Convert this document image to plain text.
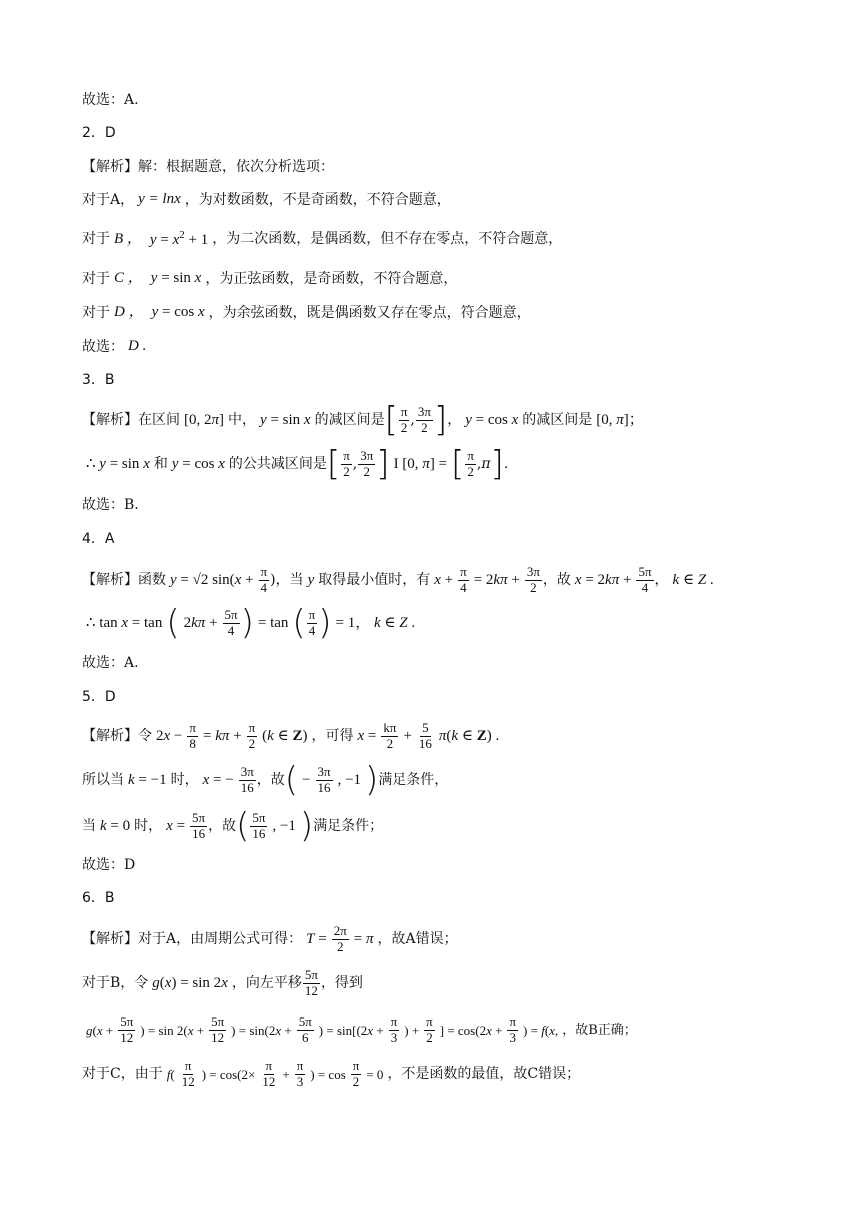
故选：A.
2．D
【解析】 解：根据题意，依次分析选项：
对于A， y = lnx ，为对数函数，不是奇函数，不符合题意，
对于 B ， $y = x^2 + 1$ ，为二次函数，是偶函数，但不存在零点，不符合题意，
对于 C ， y = sin x ，为正弦函数，是奇函数，不符合题意，
对于 D ， y = cos x ，为余弦函数，既是偶函数又存在零点，符合题意，
故选： D .
3．B
【解析】 在区间 [0, 2π] 中， y = sin x 的减区间是 [ $\frac{\pi}{2}$ , $\frac{3\pi}{2}$ ] ， y = cos x 的减区间是 [0, π]；
∴ y = sin x 和 y = cos x 的公共减区间是 [ $\frac{\pi}{2}$ , $\frac{3\pi}{2}$ ] I [0, π] = [ $\frac{\pi}{2}$ , π ] .
故选：B.
4．A
【解析】 函数 y = √2 $\sin(x + \frac{\pi}{4}$ ) ，当 y 取得最小值时，有 $x + \frac{\pi}{4} = 2k\pi + \frac{3\pi}{2}$ ，故 $x = 2k\pi + \frac{5\pi}{4}$ ， k ∈ Z .
∴ tan x = tan ( $2k\pi + \frac{5\pi}{4}$ ) = tan ( $\frac{\pi}{4}$ ) = 1， k ∈ Z .
故选：A.
5．D
【解析】 令 $2x - \frac{\pi}{8} = k\pi + \frac{\pi}{2} (k$ ∈ Z) ，可得 $x = \frac{k\pi}{2} + \frac{5}{16} \pi(k$ ∈ Z) .
所以当 k = −1 时， x = − $\frac{3\pi}{16}$ ，故 ( − $\frac{3\pi}{16}$ , −1 ) 满足条件，
当 k = 0 时， $x = \frac{5\pi}{16}$ ，故 ( $\frac{5\pi}{16}$ , −1 ) 满足条件；
故选：D
6．B
【解析】 对于A，由周期公式可得： $T = \frac{2\pi}{2} = \pi$ ，故A错误；
对于B，令 g(x) = sin 2x ，向左平移 $\frac{5\pi}{12}$ ，得到
$g(x + \frac{5\pi}{12}$ ) = $\sin 2(x + \frac{5\pi}{12}$ ) = $\sin(2x + \frac{5\pi}{6}$ ) = $\sin[(2x + \frac{\pi}{3}$ ) + $\frac{\pi}{2}$ ] = $\cos(2x + \frac{\pi}{3}$ ) = f(x, ，故B正确；
对于C，由于 $f( \frac{\pi}{12}$ ) = $\cos(2\times \frac{\pi}{12} + \frac{\pi}{3}$ ) = $\cos \frac{\pi}{2} = 0$ ，不是函数的最值，故C错误；
